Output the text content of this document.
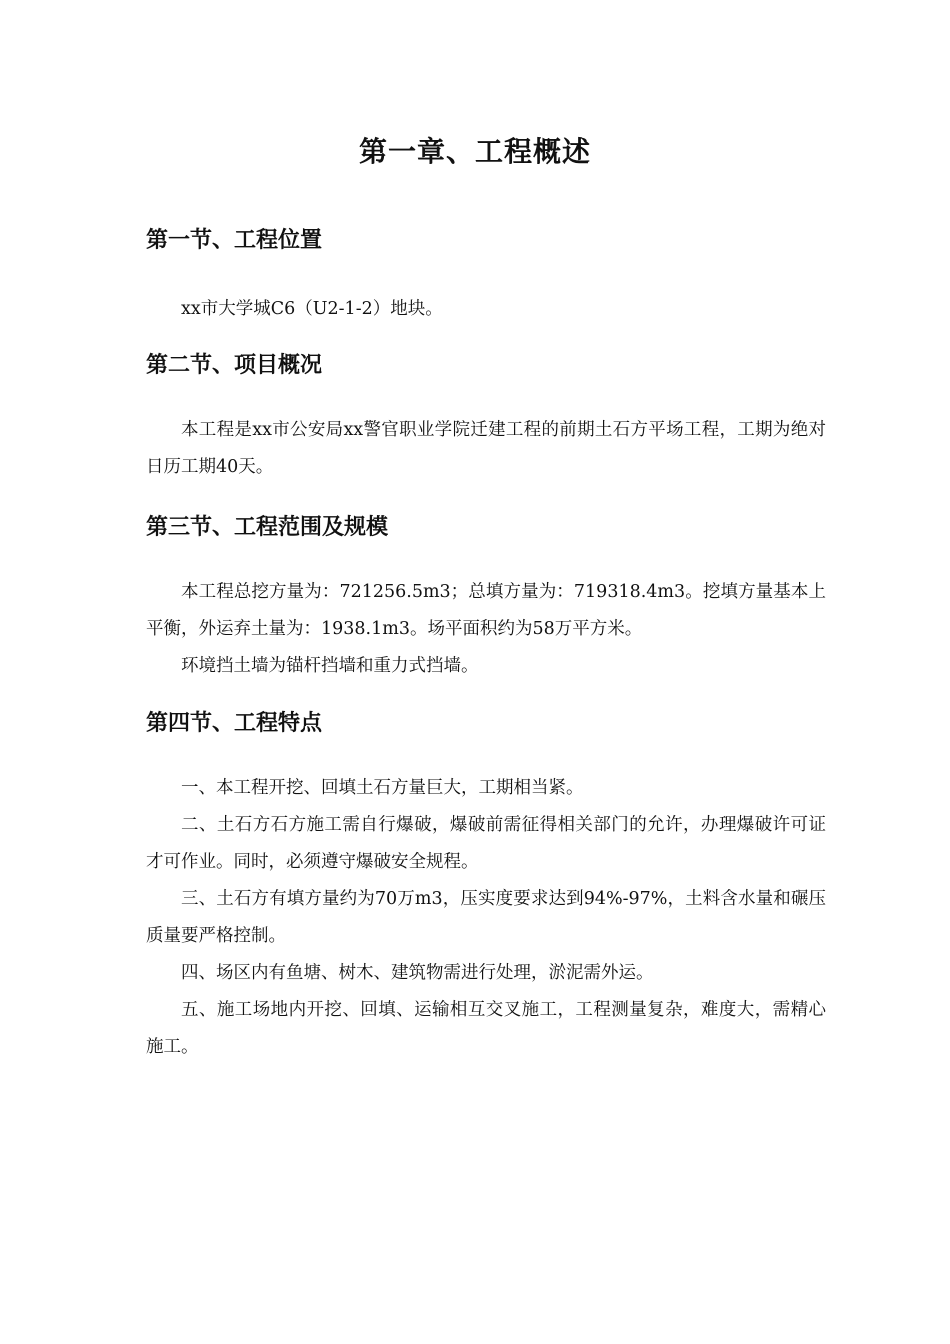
第一章、工程概述
第一节、工程位置

xx市大学城C6（U2-1-2）地块。

第二节、项目概况

本工程是xx市公安局xx警官职业学院迁建工程的前期土石方平场工程，工期为绝对日历工期40天。

第三节、工程范围及规模

本工程总挖方量为：721256.5m3；总填方量为：719318.4m3。挖填方量基本上平衡，外运弃土量为：1938.1m3。场平面积约为58万平方米。

环境挡土墙为锚杆挡墙和重力式挡墙。

第四节、工程特点

一、本工程开挖、回填土石方量巨大，工期相当紧。

二、土石方石方施工需自行爆破，爆破前需征得相关部门的允许，办理爆破许可证才可作业。同时，必须遵守爆破安全规程。

三、土石方有填方量约为70万m3，压实度要求达到94%-97%，土料含水量和碾压质量要严格控制。

四、场区内有鱼塘、树木、建筑物需进行处理，淤泥需外运。

五、施工场地内开挖、回填、运输相互交叉施工，工程测量复杂，难度大，需精心施工。
